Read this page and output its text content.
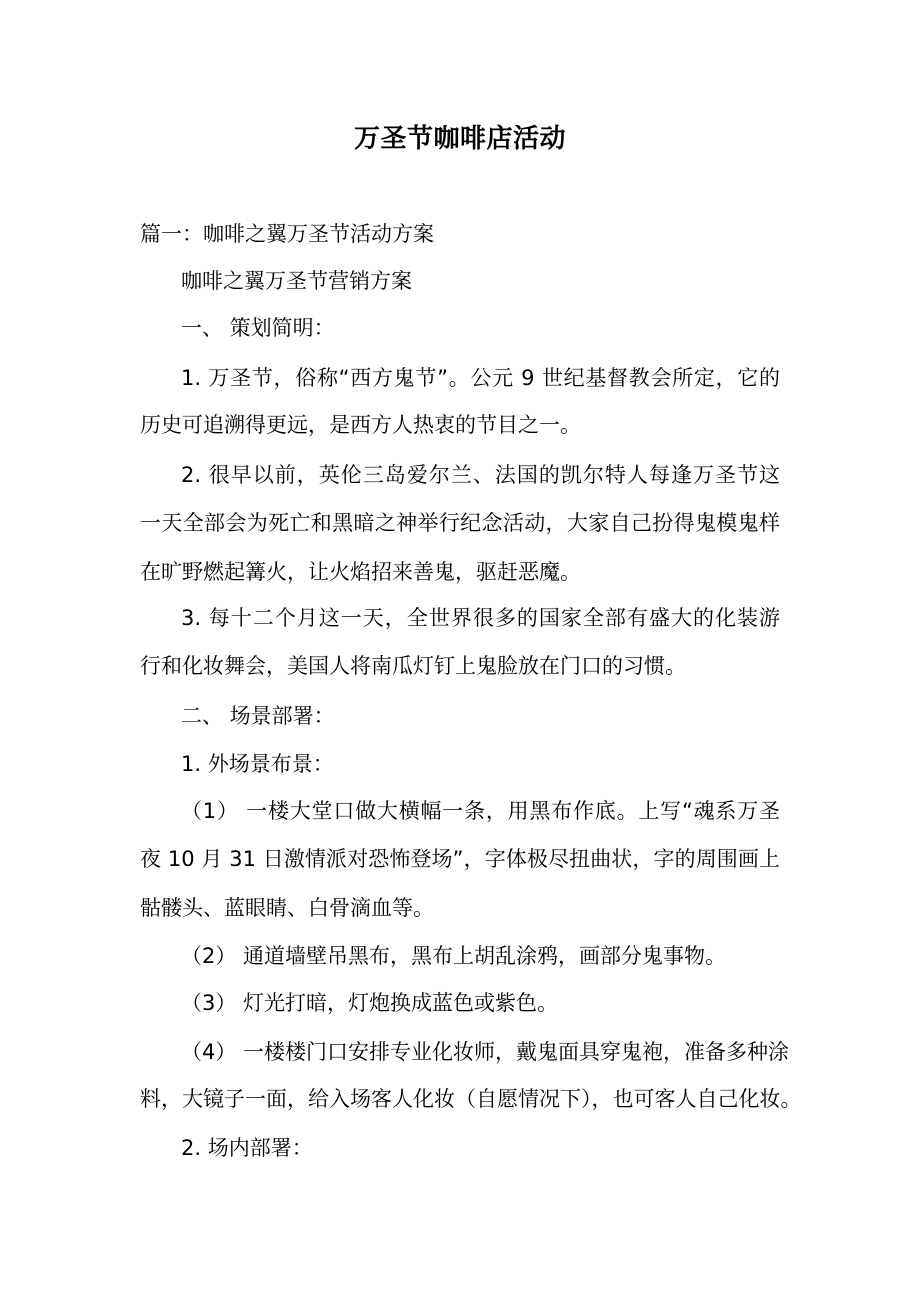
万圣节咖啡店活动
篇一：咖啡之翼万圣节活动方案
咖啡之翼万圣节营销方案
一、 策划简明：
1. 万圣节，俗称“西方鬼节”。公元 9 世纪基督教会所定，它的
历史可追溯得更远，是西方人热衷的节目之一。
2. 很早以前，英伦三岛爱尔兰、法国的凯尔特人每逢万圣节这
一天全部会为死亡和黑暗之神举行纪念活动，大家自己扮得鬼模鬼样
在旷野燃起篝火，让火焰招来善鬼，驱赶恶魔。
3. 每十二个月这一天，全世界很多的国家全部有盛大的化装游
行和化妆舞会，美国人将南瓜灯钉上鬼脸放在门口的习惯。
二、 场景部署：
1. 外场景布景：
（1） 一楼大堂口做大横幅一条，用黑布作底。上写“魂系万圣
夜 10 月 31 日激情派对恐怖登场”，字体极尽扭曲状，字的周围画上
骷髅头、蓝眼睛、白骨滴血等。
（2） 通道墙壁吊黑布，黑布上胡乱涂鸦，画部分鬼事物。
（3） 灯光打暗，灯炮换成蓝色或紫色。
（4） 一楼楼门口安排专业化妆师，戴鬼面具穿鬼袍，准备多种涂
料，大镜子一面，给入场客人化妆（自愿情况下），也可客人自己化妆。
2. 场内部署：
